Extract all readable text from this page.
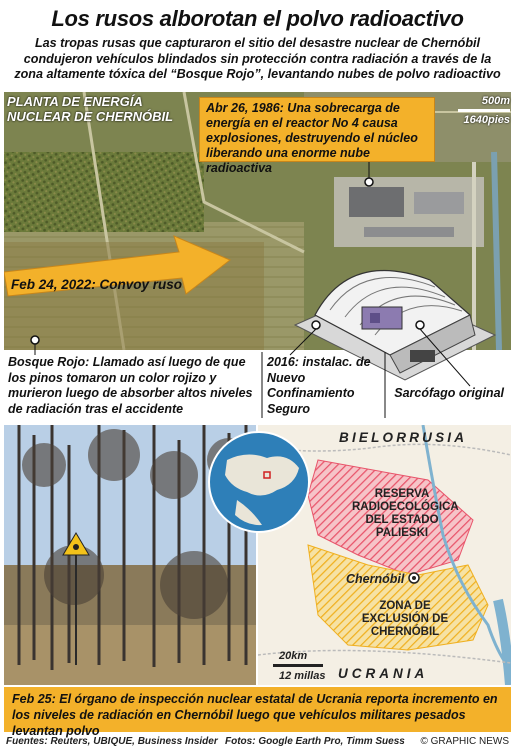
Los rusos alborotan el polvo radioactivo
Las tropas rusas que capturaron el sitio del desastre nuclear de Chernóbil condujeron vehículos blindados sin protección contra radiación a través de la zona altamente tóxica del “Bosque Rojo”, levantando nubes de polvo radioactivo
Feb 24, 2022: Convoy ruso
PLANTA DE ENERGÍA NUCLEAR DE CHERNÓBIL
Abr 26, 1986: Una sobrecarga de energía en el reactor No 4 causa explosiones, destruyendo el núcleo liberando una enorme nube radioactiva
500m
1640pies
Bosque Rojo: Llamado así luego de que los pinos tomaron un color rojizo y murieron luego de absorber altos niveles de radiación tras el accidente
2016: instalac. de Nuevo Confinamiento Seguro
Sarcófago original
BIELORRUSIA
RESERVA RADIOECOLÓGICA DEL ESTADO PALIESKI
Chernóbil
ZONA DE EXCLUSIÓN DE CHERNÓBIL
20km
12 millas UCRANIA
Feb 25: El órgano de inspección nuclear estatal de Ucrania reporta incremento en los niveles de radiación en Chernóbil luego que vehículos militares pesados levantan polvo
Fuentes: Reuters, UBIQUE, Business Insider Fotos: Google Earth Pro, Timm Suess © GRAPHIC NEWS
